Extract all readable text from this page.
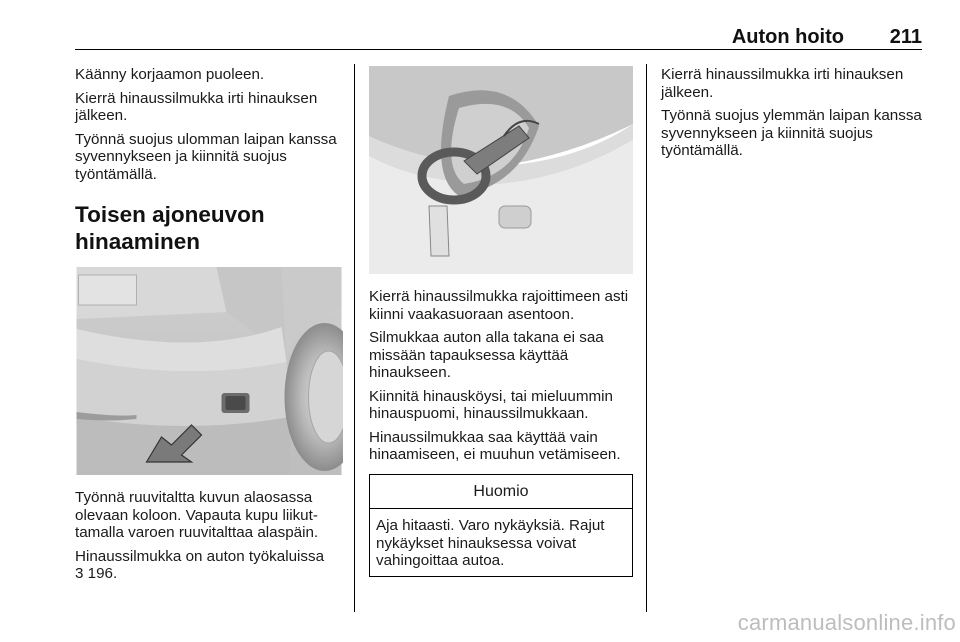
Auton hoito 211

Käänny korjaamon puoleen.

Kierrä hinaussilmukka irti hinauksen jälkeen.

Työnnä suojus ulomman laipan kanssa syvennykseen ja kiinnitä suojus työntämällä.

Toisen ajoneuvon hinaaminen

Työnnä ruuvitaltta kuvun alaosassa olevaan koloon. Vapauta kupu liikuttamalla varoen ruuvitalttaa alaspäin.

Hinaussilmukka on auton työkaluissa

3 196.

Kierrä hinaussilmukka rajoittimeen asti kiinni vaakasuoraan asentoon.

Silmukkaa auton alla takana ei saa missään tapauksessa käyttää hinaukseen.

Kiinnitä hinausköysi, tai mieluummin hinauspuomi, hinaussilmukkaan.

Hinaussilmukkaa saa käyttää vain hinaamiseen, ei muuhun vetämiseen.

Huomio
Aja hitaasti. Varo nykäyksiä. Rajut nykäykset hinauksessa voivat vahingoittaa autoa.

Kierrä hinaussilmukka irti hinauksen jälkeen.

Työnnä suojus ylemmän laipan kanssa syvennykseen ja kiinnitä suojus työntämällä.

carmanualsonline.info
